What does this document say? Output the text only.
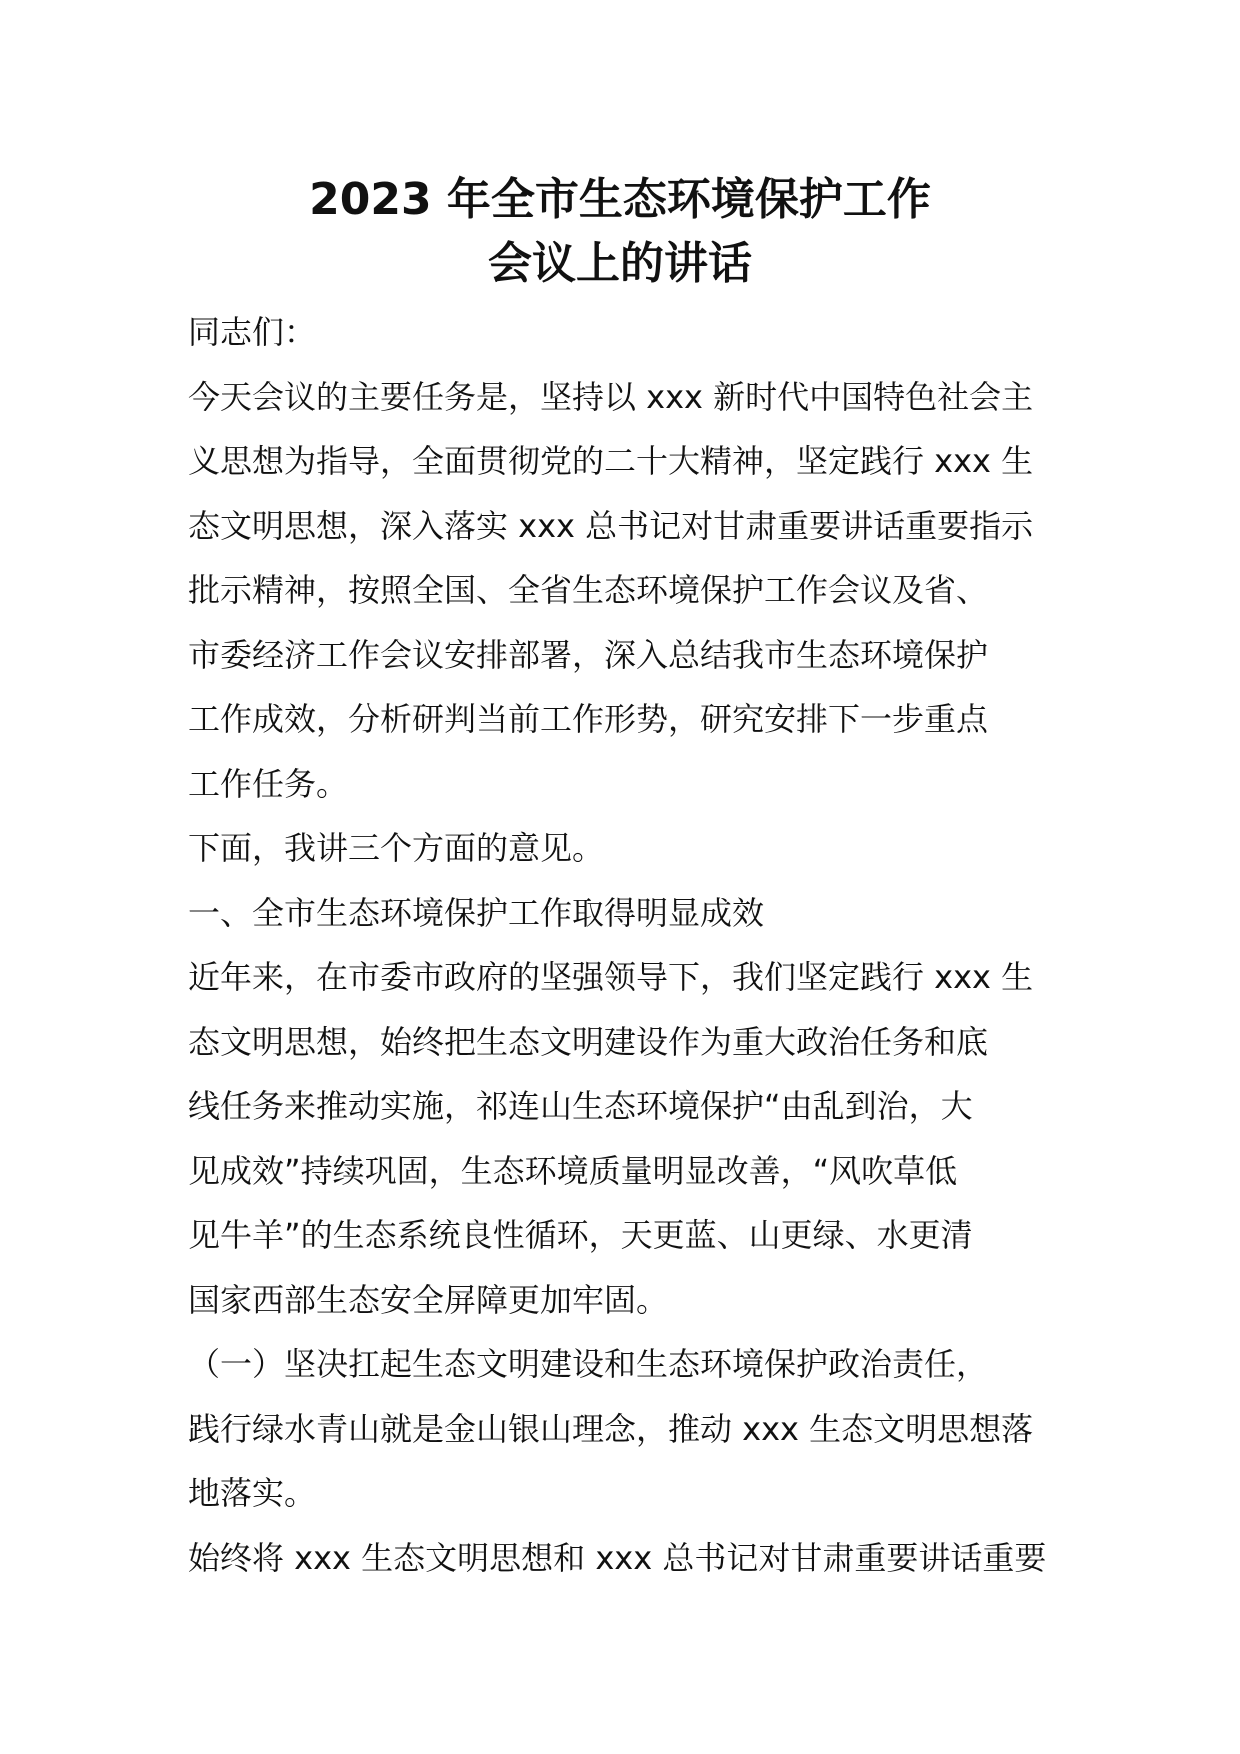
2023 年全市生态环境保护工作
会议上的讲话
同志们：
今天会议的主要任务是，坚持以 xxx 新时代中国特色社会主
义思想为指导，全面贯彻党的二十大精神，坚定践行 xxx 生
态文明思想，深入落实 xxx 总书记对甘肃重要讲话重要指示
批示精神，按照全国、全省生态环境保护工作会议及省、
市委经济工作会议安排部署，深入总结我市生态环境保护
工作成效，分析研判当前工作形势，研究安排下一步重点
工作任务。
下面，我讲三个方面的意见。
一、全市生态环境保护工作取得明显成效
近年来，在市委市政府的坚强领导下，我们坚定践行 xxx 生
态文明思想，始终把生态文明建设作为重大政治任务和底
线任务来推动实施，祁连山生态环境保护“由乱到治，大
见成效”持续巩固，生态环境质量明显改善，“风吹草低
见牛羊”的生态系统良性循环，天更蓝、山更绿、水更清
国家西部生态安全屏障更加牢固。
（一）坚决扛起生态文明建设和生态环境保护政治责任，
践行绿水青山就是金山银山理念，推动 xxx 生态文明思想落
地落实。
始终将 xxx 生态文明思想和 xxx 总书记对甘肃重要讲话重要
